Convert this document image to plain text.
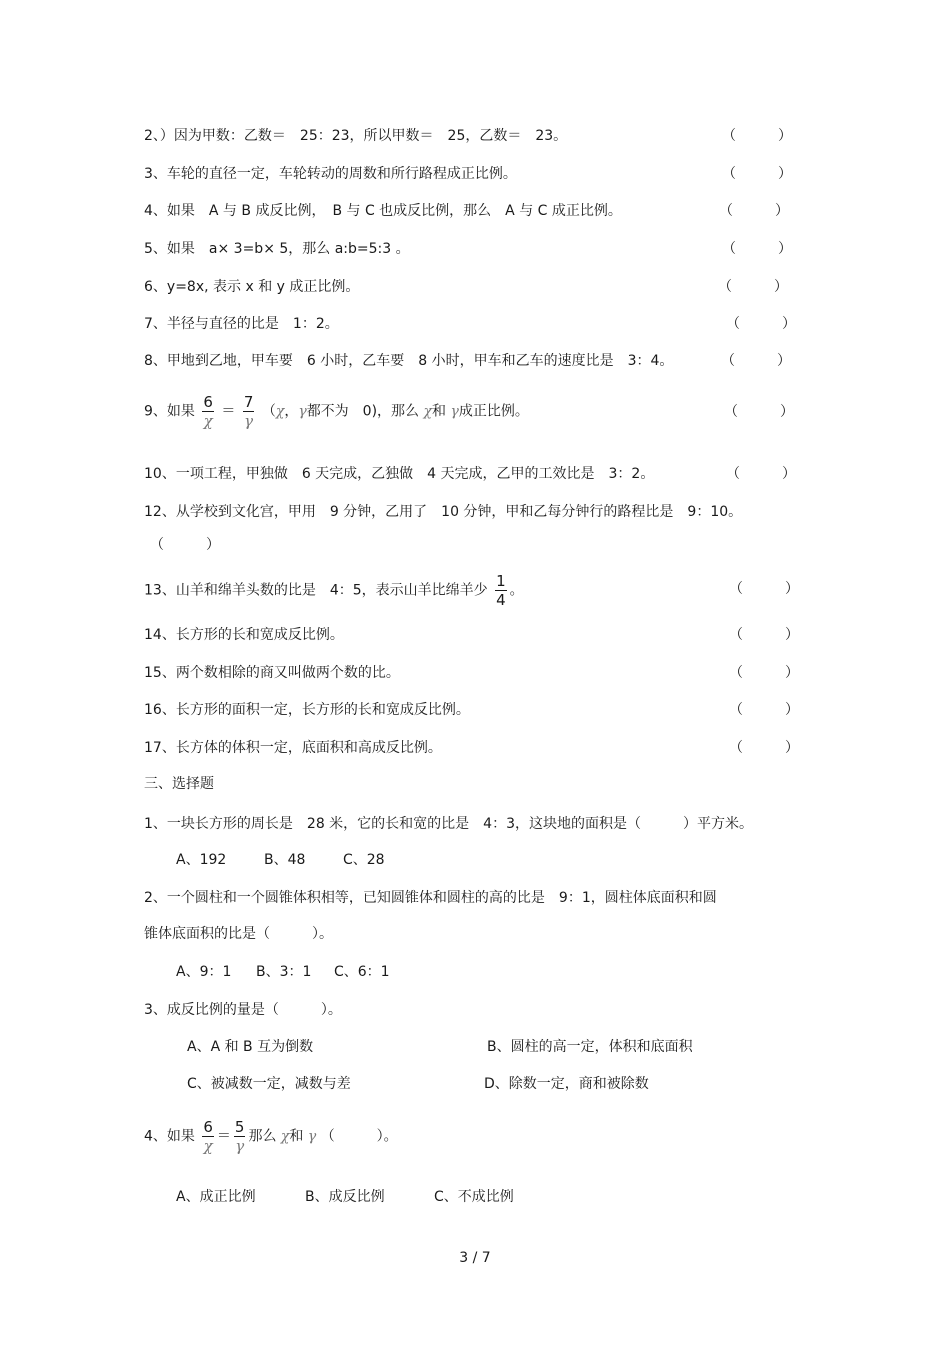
2、）因为甲数：乙数＝　25：23，所以甲数＝　25，乙数＝　23。	（　　　）
3、车轮的直径一定，车轮转动的周数和所行路程成正比例。	（　　　）
4、如果　A 与 B 成反比例，　B 与 C 也成反比例，那么　A 与 C 成正比例。	（　　　）
5、如果　a× 3=b× 5，那么 a:b=5:3 。	（　　　）
6、y=8x, 表示 x 和 y 成正比例。	（　　　）
7、半径与直径的比是　1：2。	（　　　）
8、甲地到乙地，甲车要　6 小时，乙车要　8 小时，甲车和乙车的速度比是　3：4。	（　　　）
9、如果 $\frac{6}{\chi} = \frac{7}{\gamma} (\chi$，γ都不为　0)，那么 χ和 γ成正比例。	（　　　）
10、一项工程，甲独做　6 天完成，乙独做　4 天完成，乙甲的工效比是　3：2。	（　　　）
12、从学校到文化宫，甲用　9 分钟，乙用了　10 分钟，甲和乙每分钟行的路程比是　9：10。
（　　　）
13、山羊和绵羊头数的比是　4：5，表示山羊比绵羊少 $\frac{1}{4}$ 。	（　　　）
14、长方形的长和宽成反比例。	（　　　）
15、两个数相除的商又叫做两个数的比。	（　　　）
16、长方形的面积一定，长方形的长和宽成反比例。	（　　　）
17、长方体的体积一定，底面积和高成反比例。	（　　　）
三、选择题
1、一块长方形的周长是　28 米，它的长和宽的比是　4：3，这块地的面积是（　　　）平方米。
A、192	B、48	C、28
2、一个圆柱和一个圆锥体积相等，已知圆锥体和圆柱的高的比是　9：1，圆柱体底面积和圆
锥体底面积的比是（　　　）。
A、9：1 B、3：1 C、6：1
3、成反比例的量是（　　　）。
A、A 和 B 互为倒数	B、圆柱的高一定，体积和底面积
C、被减数一定，减数与差	D、除数一定，商和被除数
4、如果 $\frac{6}{\chi} = \frac{5}{\gamma}$ 那么 χ和 γ （　　　）。
A、成正比例	B、成反比例	C、不成比例
3 / 7
